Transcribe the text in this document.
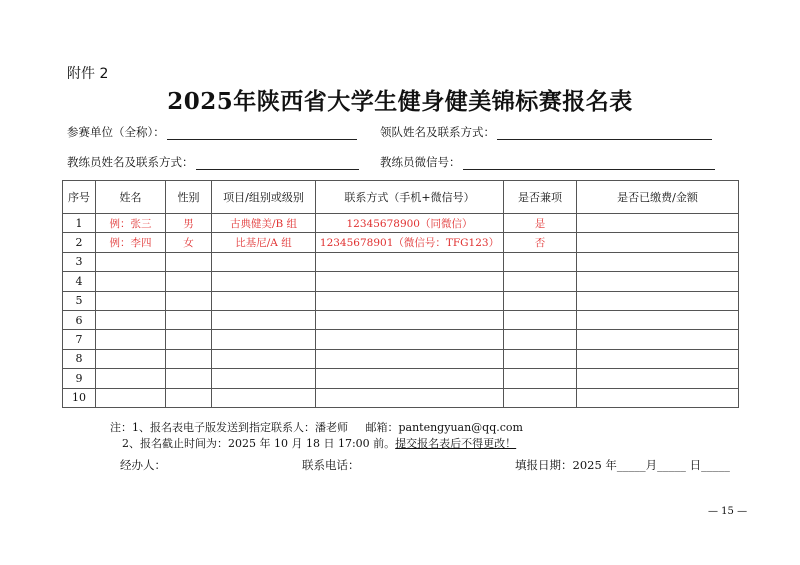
附件 2
2025年陕西省大学生健身健美锦标赛报名表
参赛单位（全称）：	领队姓名及联系方式：
教练员姓名及联系方式：	教练员微信号：
序号	姓名	性别	项目/组别或级别	联系方式（手机+微信号）	是否兼项	是否已缴费/金额
1	例：张三	男	古典健美/B 组	12345678900（同微信）	是	
2	例：李四	女	比基尼/A 组	12345678901（微信号：TFG123）	否	
3						
4						
5						
6						
7						
8						
9						
10						
注：1、报名表电子版发送到指定联系人：潘老师 邮箱：pantengyuan@qq.com
2、报名截止时间为：2025 年 10 月 18 日 17:00 前。提交报名表后不得更改！
经办人：	联系电话：	填报日期：2025 年_____月_____ 日_____
— 15 —
